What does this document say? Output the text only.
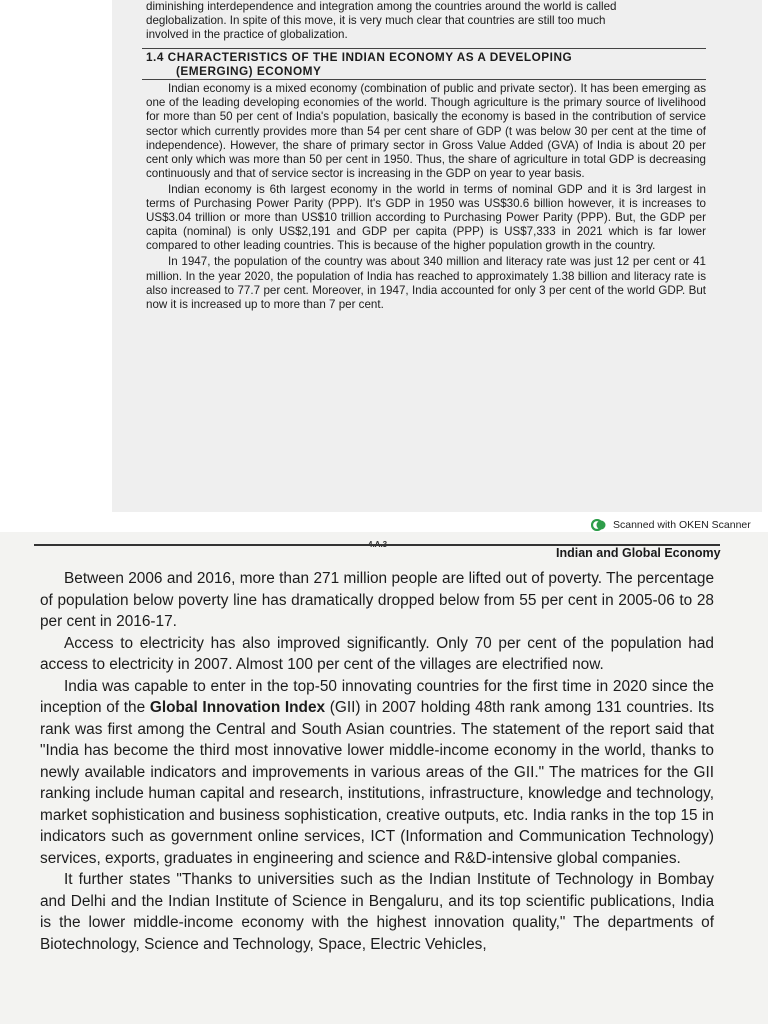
diminishing interdependence and integration among the countries around the world is called

deglobalization. In spite of this move, it is very much clear that countries are still too much

involved in the practice of globalization.

1.4 CHARACTERISTICS OF THE INDIAN ECONOMY AS A DEVELOPING
(EMERGING) ECONOMY

Indian economy is a mixed economy (combination of public and private sector). It has been emerging as one of the leading developing economies of the world. Though agriculture is the primary source of livelihood for more than 50 per cent of India's population, basically the economy is based in the contribution of service sector which currently provides more than 54 per cent share of GDP (t was below 30 per cent at the time of independence). However, the share of primary sector in Gross Value Added (GVA) of India is about 20 per cent only which was more than 50 per cent in 1950. Thus, the share of agriculture in total GDP is decreasing continuously and that of service sector is increasing in the GDP on year to year basis.

Indian economy is 6th largest economy in the world in terms of nominal GDP and it is 3rd largest in terms of Purchasing Power Parity (PPP). It's GDP in 1950 was US$30.6 billion however, it is increases to US$3.04 trillion or more than US$10 trillion according to Purchasing Power Parity (PPP). But, the GDP per capita (nominal) is only US$2,191 and GDP per capita (PPP) is US$7,333 in 2021 which is far lower compared to other leading countries. This is because of the higher population growth in the country.

In 1947, the population of the country was about 340 million and literacy rate was just 12 per cent or 41 million. In the year 2020, the population of India has reached to approximately 1.38 billion and literacy rate is also increased to 77.7 per cent. Moreover, in 1947, India accounted for only 3 per cent of the world GDP. But now it is increased up to more than 7 per cent.

Scanned with OKEN Scanner
4.A.3
Indian and Global Economy

Between 2006 and 2016, more than 271 million people are lifted out of poverty. The percentage of population below poverty line has dramatically dropped below from 55 per cent in 2005-06 to 28 per cent in 2016-17.

Access to electricity has also improved significantly. Only 70 per cent of the population had access to electricity in 2007. Almost 100 per cent of the villages are electrified now.

India was capable to enter in the top-50 innovating countries for the first time in 2020 since the inception of the Global Innovation Index (GII) in 2007 holding 48th rank among 131 countries. Its rank was first among the Central and South Asian countries. The statement of the report said that "India has become the third most innovative lower middle-income economy in the world, thanks to newly available indicators and improvements in various areas of the GII." The matrices for the GII ranking include human capital and research, institutions, infrastructure, knowledge and technology, market sophistication and business sophistication, creative outputs, etc. India ranks in the top 15 in indicators such as government online services, ICT (Information and Communication Technology) services, exports, graduates in engineering and science and R&D-intensive global companies.

It further states "Thanks to universities such as the Indian Institute of Technology in Bombay and Delhi and the Indian Institute of Science in Bengaluru, and its top scientific publications, India is the lower middle-income economy with the highest innovation quality," The departments of Biotechnology, Science and Technology, Space, Electric Vehicles,
